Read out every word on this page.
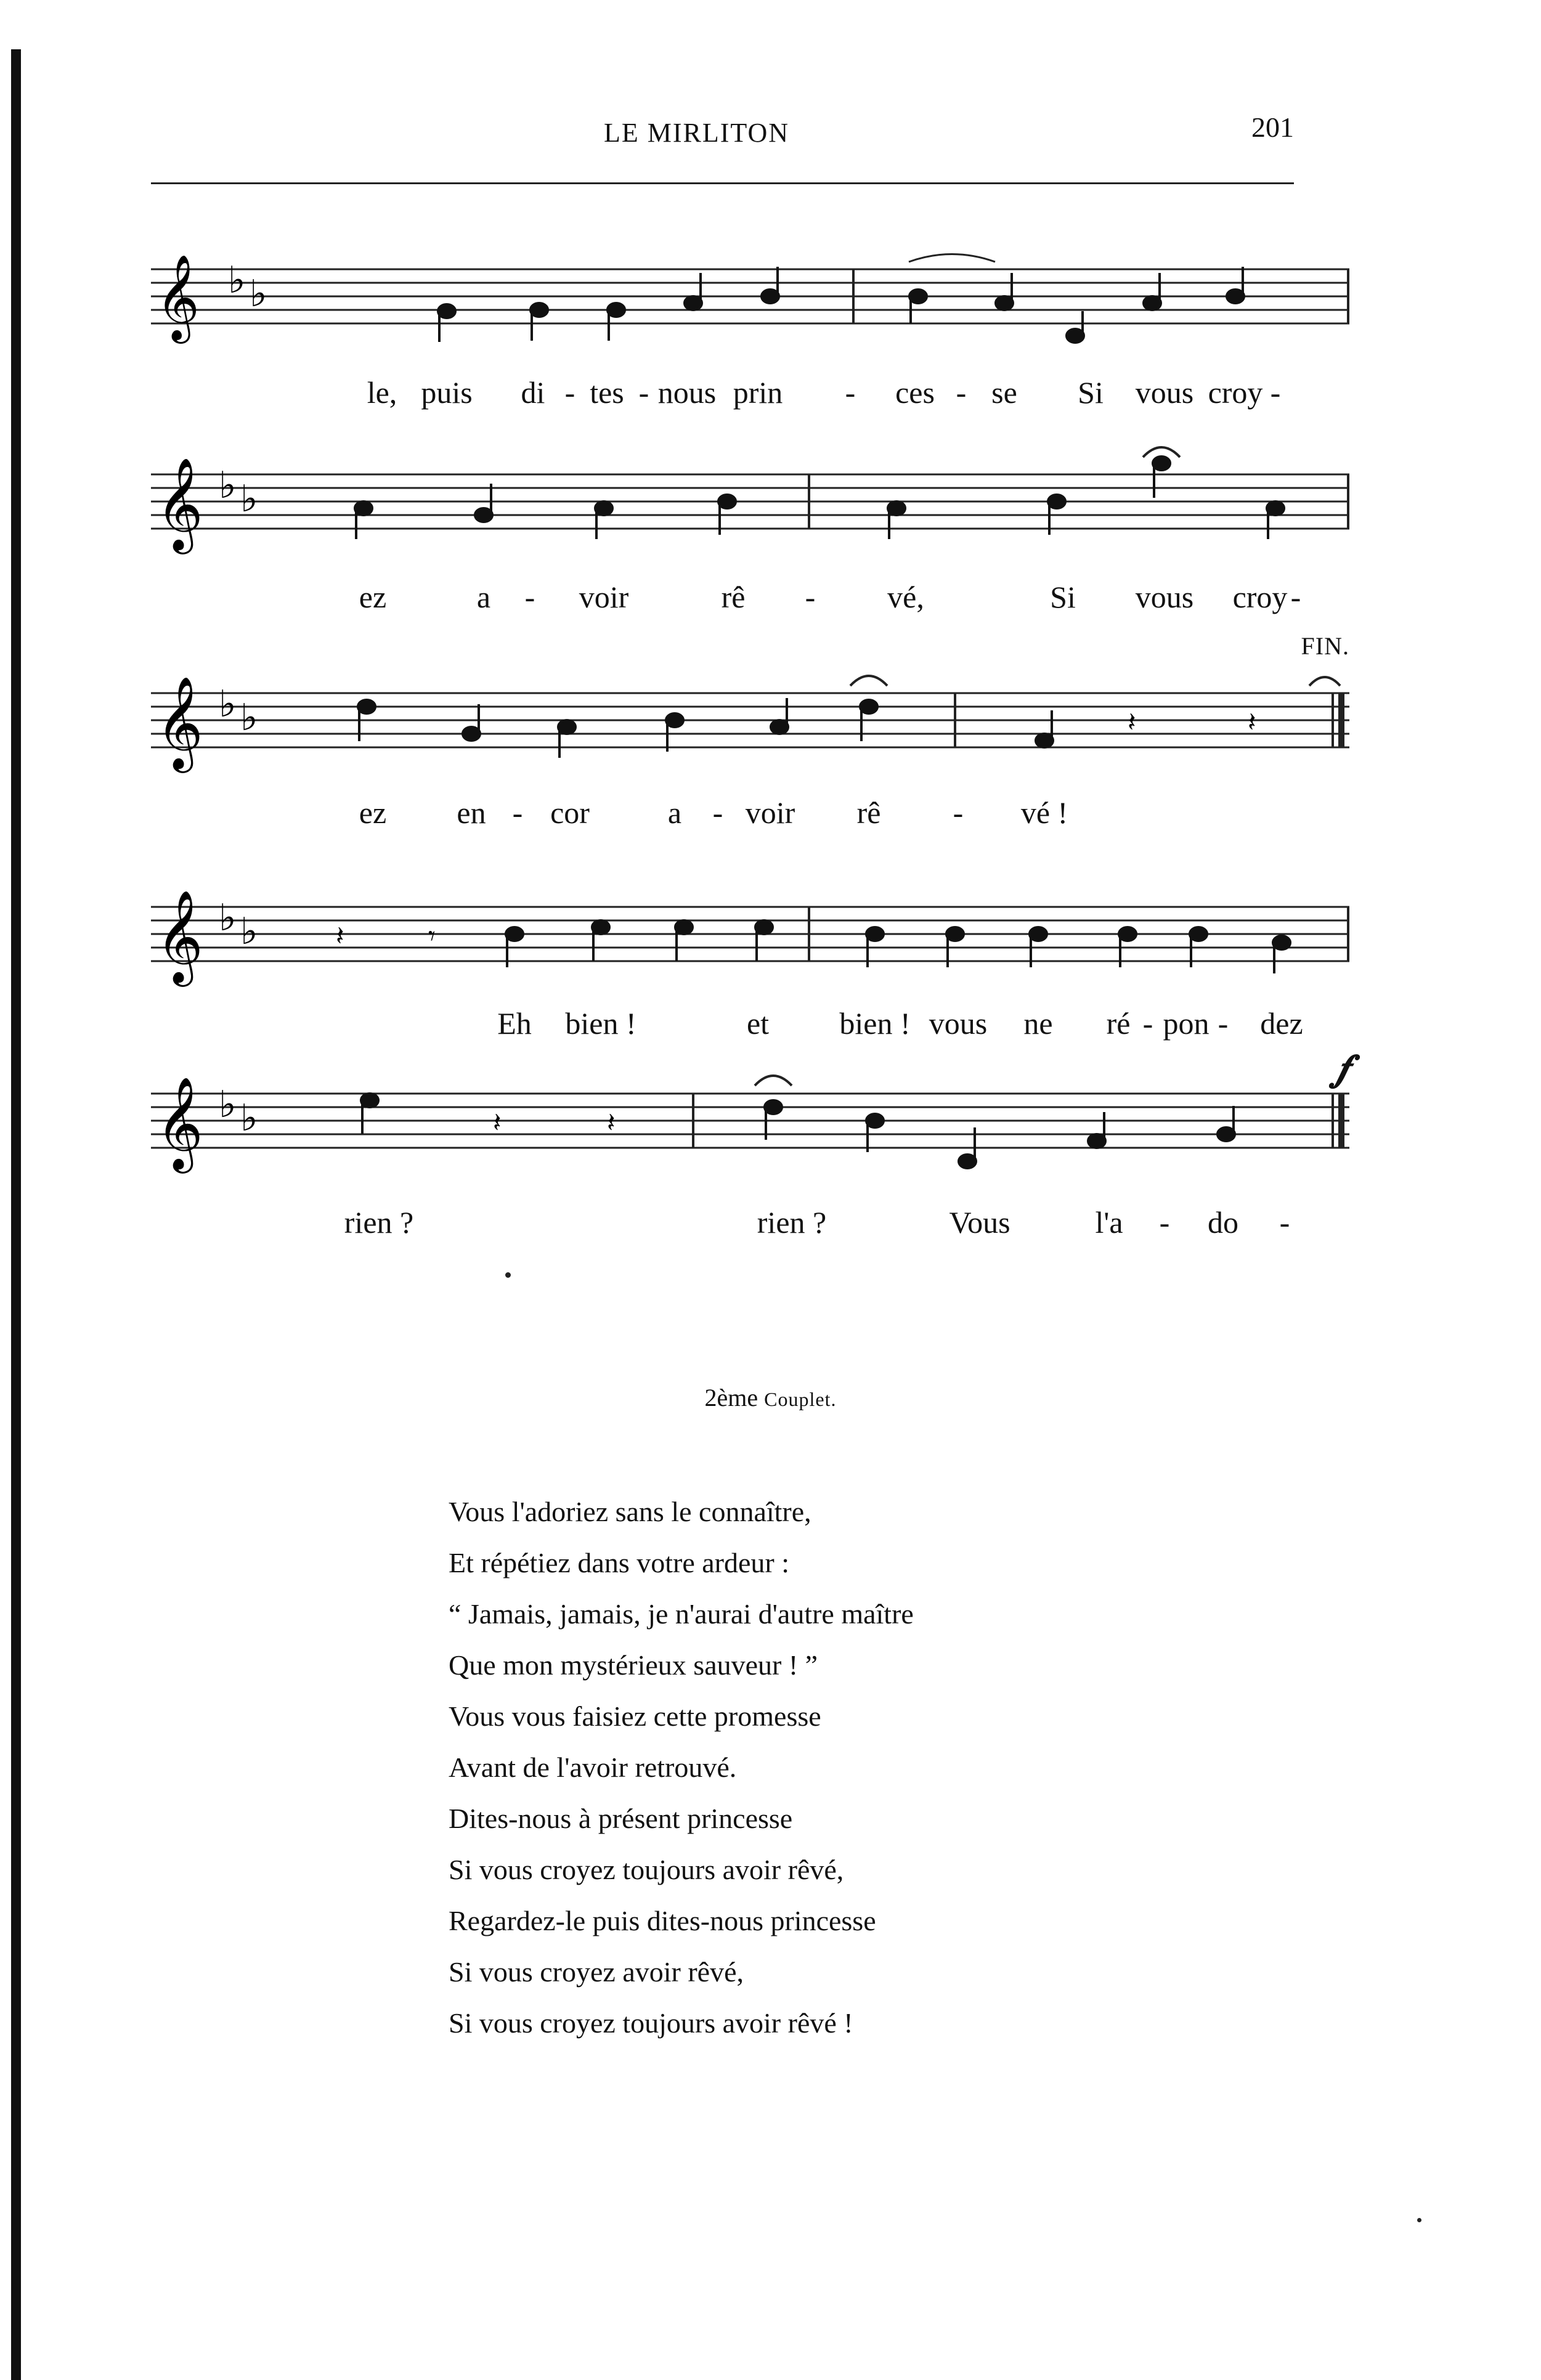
LE MIRLITON	201
𝄞 ♭ ♭
le, puis di - tes - nous prin - ces - se Si vous croy -
𝄞 ♭ ♭
ez	a - voir	rê - vé,	Si vous croy -
FIN.
𝄞 ♭ ♭	𝄽	𝄽
ez en - cor	a - voir rê - vé !
𝄞 ♭ ♭	𝄽	𝄾
Eh bien !	et bien ! vous ne ré - pon - dez
𝆑
𝄞 ♭ ♭	𝄽	𝄽
rien ?	rien ?	Vous	l'a - do -
2ème Couplet.
Vous l'adoriez sans le connaître,
Et répétiez dans votre ardeur :
“ Jamais, jamais, je n'aurai d'autre maître
Que mon mystérieux sauveur ! ”
Vous vous faisiez cette promesse
Avant de l'avoir retrouvé.
Dites-nous à présent princesse
Si vous croyez toujours avoir rêvé,
Regardez-le puis dites-nous princesse
Si vous croyez avoir rêvé,
Si vous croyez toujours avoir rêvé !
